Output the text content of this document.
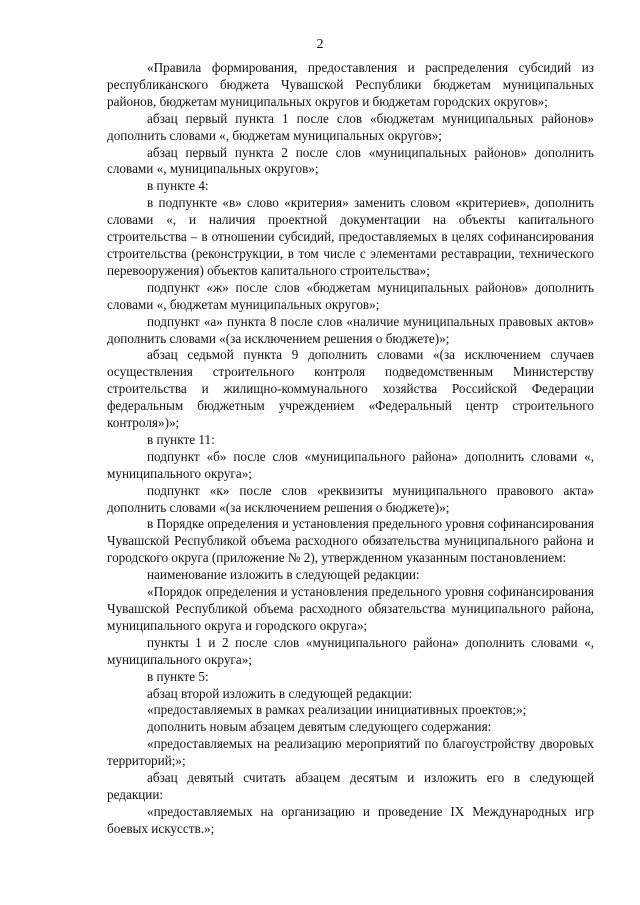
2

«Правила формирования, предоставления и распределения субсидий из республиканского бюджета Чувашской Республики бюджетам муниципальных районов, бюджетам муниципальных округов и бюджетам городских округов»;

абзац первый пункта 1 после слов «бюджетам муниципальных районов» дополнить словами «, бюджетам муниципальных округов»;

абзац первый пункта 2 после слов «муниципальных районов» дополнить словами «, муниципальных округов»;

в пункте 4:

в подпункте «в» слово «критерия» заменить словом «критериев», дополнить словами «, и наличия проектной документации на объекты капитального строительства – в отношении субсидий, предоставляемых в целях софинансирования строительства (реконструкции, в том числе с элементами реставрации, технического перевооружения) объектов капитального строительства»;

подпункт «ж» после слов «бюджетам муниципальных районов» дополнить словами «, бюджетам муниципальных округов»;

подпункт «а» пункта 8 после слов «наличие муниципальных правовых актов» дополнить словами «(за исключением решения о бюджете)»;

абзац седьмой пункта 9 дополнить словами «(за исключением случаев осуществления строительного контроля подведомственным Министерству строительства и жилищно-коммунального хозяйства Российской Федерации федеральным бюджетным учреждением «Федеральный центр строительного контроля»)»;

в пункте 11:

подпункт «б» после слов «муниципального района» дополнить словами «, муниципального округа»;

подпункт «к» после слов «реквизиты муниципального правового акта» дополнить словами «(за исключением решения о бюджете)»;

в Порядке определения и установления предельного уровня софинансирования Чувашской Республикой объема расходного обязательства муниципального района и городского округа (приложение № 2), утвержденном указанным постановлением:

наименование изложить в следующей редакции:

«Порядок определения и установления предельного уровня софинансирования Чувашской Республикой объема расходного обязательства муниципального района, муниципального округа и городского округа»;

пункты 1 и 2 после слов «муниципального района» дополнить словами «, муниципального округа»;

в пункте 5:

абзац второй изложить в следующей редакции:

«предоставляемых в рамках реализации инициативных проектов;»;

дополнить новым абзацем девятым следующего содержания:

«предоставляемых на реализацию мероприятий по благоустройству дворовых территорий;»;

абзац девятый считать абзацем десятым и изложить его в следующей редакции:

«предоставляемых на организацию и проведение IX Международных игр боевых искусств.»;
